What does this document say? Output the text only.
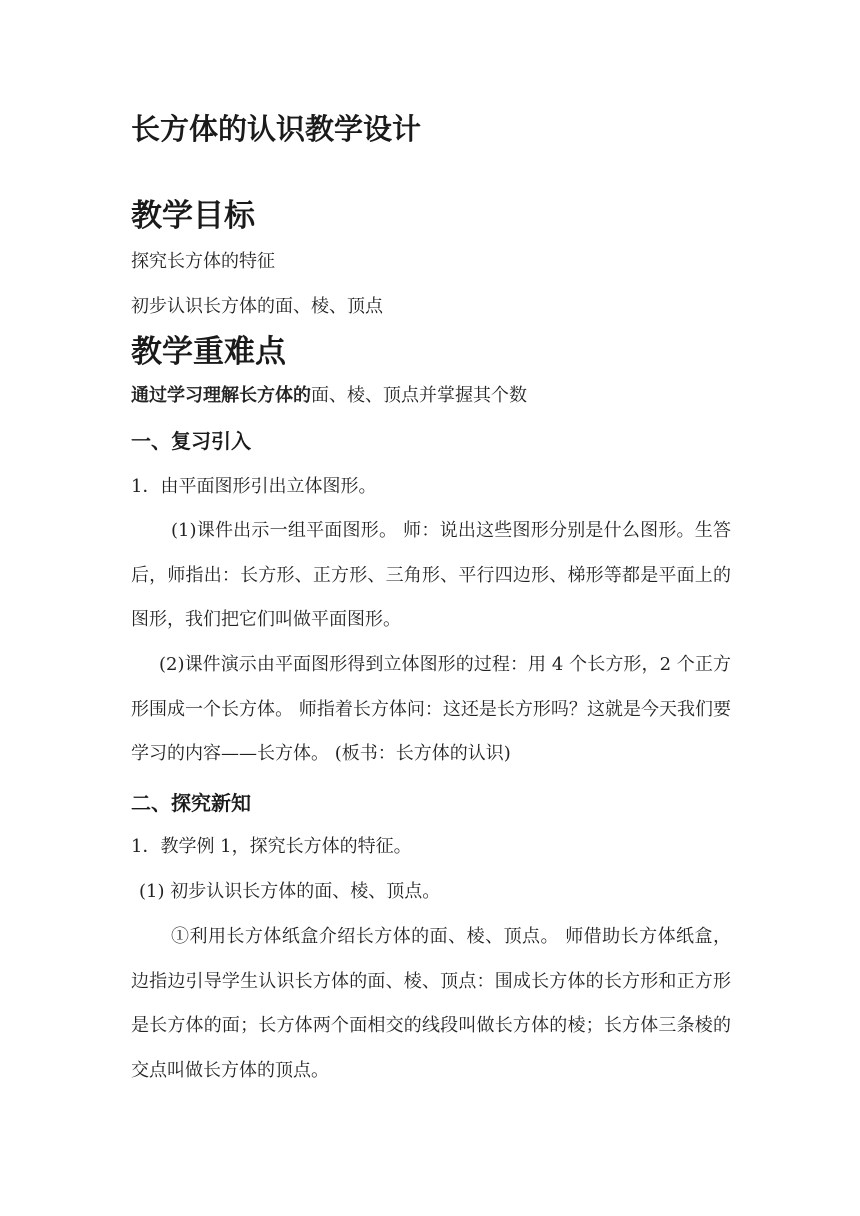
长方体的认识教学设计
教学目标

探究长方体的特征

初步认识长方体的面、棱、顶点

教学重难点

通过学习理解长方体的面、棱、顶点并掌握其个数

一、复习引入

1．由平面图形引出立体图形。

(1)课件出示一组平面图形。 师：说出这些图形分别是什么图形。生答后，师指出：长方形、正方形、三角形、平行四边形、梯形等都是平面上的图形，我们把它们叫做平面图形。

(2)课件演示由平面图形得到立体图形的过程：用 4 个长方形，2 个正方形围成一个长方体。 师指着长方体问：这还是长方形吗？这就是今天我们要学习的内容——长方体。 (板书：长方体的认识)

二、探究新知

1．教学例 1，探究长方体的特征。

(1) 初步认识长方体的面、棱、顶点。

①利用长方体纸盒介绍长方体的面、棱、顶点。 师借助长方体纸盒，边指边引导学生认识长方体的面、棱、顶点：围成长方体的长方形和正方形是长方体的面；长方体两个面相交的线段叫做长方体的棱；长方体三条棱的交点叫做长方体的顶点。
